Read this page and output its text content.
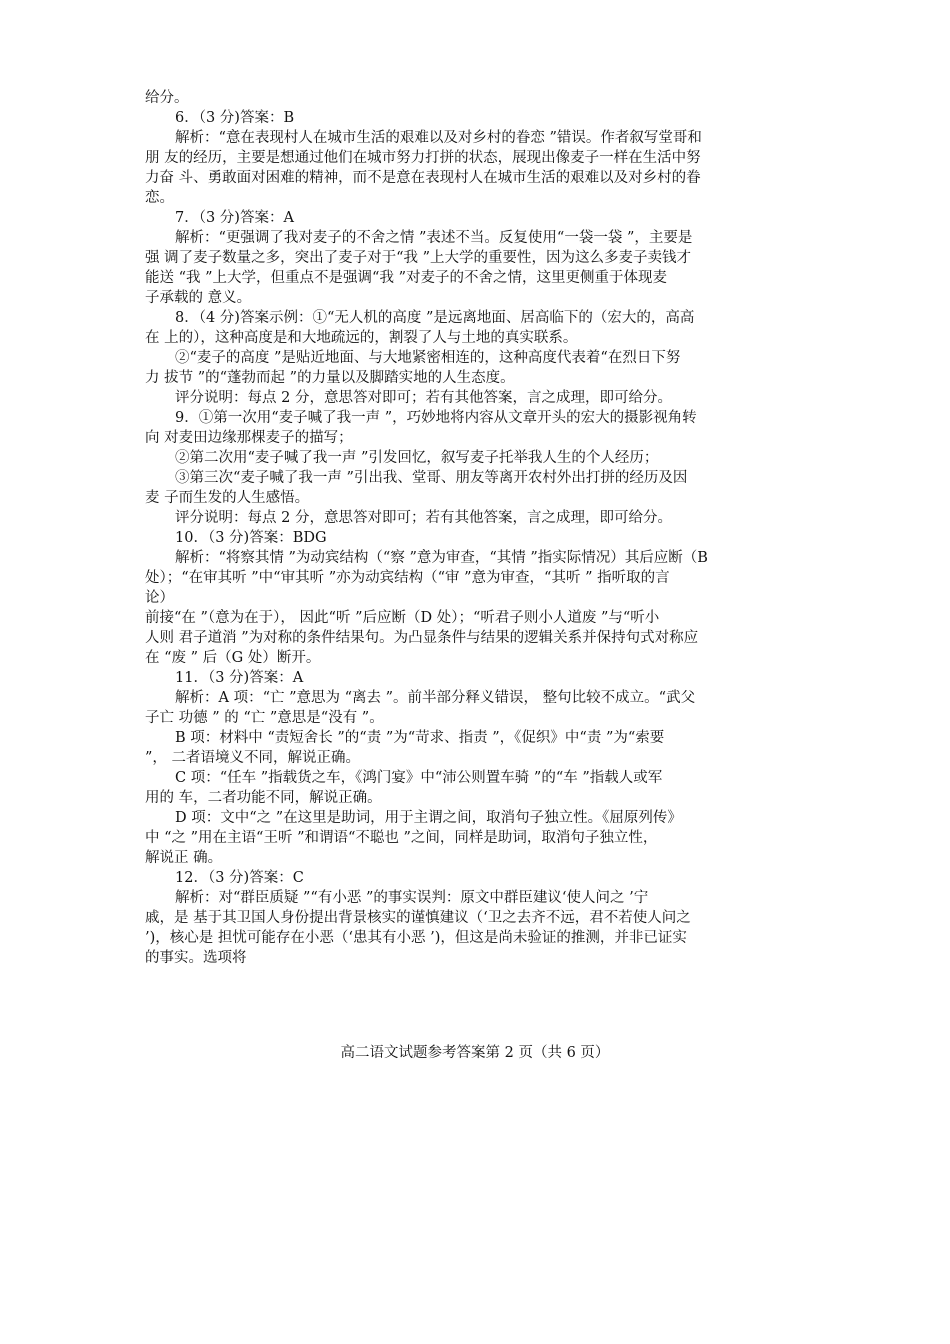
给分。
6．（3 分)答案：B
解析：“意在表现村人在城市生活的艰难以及对乡村的眷恋 ”错误。作者叙写堂哥和
朋 友的经历，主要是想通过他们在城市努力打拼的状态，展现出像麦子一样在生活中努
力奋 斗、勇敢面对困难的精神，而不是意在表现村人在城市生活的艰难以及对乡村的眷
恋。
7．（3 分)答案：A
解析：“更强调了我对麦子的不舍之情 ”表述不当。反复使用“一袋一袋 ”，主要是
强 调了麦子数量之多，突出了麦子对于“我 ”上大学的重要性，因为这么多麦子卖钱才
能送 “我 ”上大学，但重点不是强调“我 ”对麦子的不舍之情，这里更侧重于体现麦
子承载的 意义。
8．（4 分)答案示例：①“无人机的高度 ”是远离地面、居高临下的（宏大的，高高
在 上的），这种高度是和大地疏远的，割裂了人与土地的真实联系。
②“麦子的高度 ”是贴近地面、与大地紧密相连的，这种高度代表着“在烈日下努
力 拔节 ”的“蓬勃而起 ”的力量以及脚踏实地的人生态度。
评分说明：每点 2 分，意思答对即可；若有其他答案，言之成理，即可给分。
9．①第一次用“麦子喊了我一声 ”，巧妙地将内容从文章开头的宏大的摄影视角转
向 对麦田边缘那棵麦子的描写；
②第二次用“麦子喊了我一声 ”引发回忆，叙写麦子托举我人生的个人经历；
③第三次“麦子喊了我一声 ”引出我、堂哥、朋友等离开农村外出打拼的经历及因
麦 子而生发的人生感悟。
评分说明：每点 2 分，意思答对即可；若有其他答案，言之成理，即可给分。
10．（3 分)答案：BDG
解析：“将察其情 ”为动宾结构（“察 ”意为审查，“其情 ”指实际情况）其后应断（B
处）；“在审其听 ”中“审其听 ”亦为动宾结构（“审 ”意为审查，“其听 ” 指听取的言
论）
前接“在 ”（意为在于）， 因此“听 ”后应断（D 处）；“听君子则小人道废 ”与“听小
人则 君子道消 ”为对称的条件结果句。为凸显条件与结果的逻辑关系并保持句式对称应
在 “废 ” 后（G 处）断开。
11．（3 分)答案：A
解析：A 项：“亡 ”意思为 “离去 ”。前半部分释义错误， 整句比较不成立。“武父
子亡 功德 ” 的 “亡 ”意思是“没有 ”。
B 项：材料中 “责短舍长 ”的“责 ”为“苛求、指责 ”，《促织》中“责 ”为“索要
”， 二者语境义不同，解说正确。
C 项：“任车 ”指载货之车，《鸿门宴》中“沛公则置车骑 ”的“车 ”指载人或军
用的 车，二者功能不同，解说正确。
D 项：文中“之 ”在这里是助词，用于主谓之间，取消句子独立性。《屈原列传》
中 “之 ”用在主语“王听 ”和谓语“不聪也 ”之间，同样是助词，取消句子独立性，
解说正 确。
12．（3 分)答案：C
解析：对“群臣质疑 ”“有小恶 ”的事实误判：原文中群臣建议‘使人问之 ’宁
戚，是 基于其卫国人身份提出背景核实的谨慎建议（‘卫之去齐不远，君不若使人问之
’)，核心是 担忧可能存在小恶（‘患其有小恶 ’)，但这是尚未验证的推测，并非已证实
的事实。选项将
高二语文试题参考答案第 2 页（共 6 页）
